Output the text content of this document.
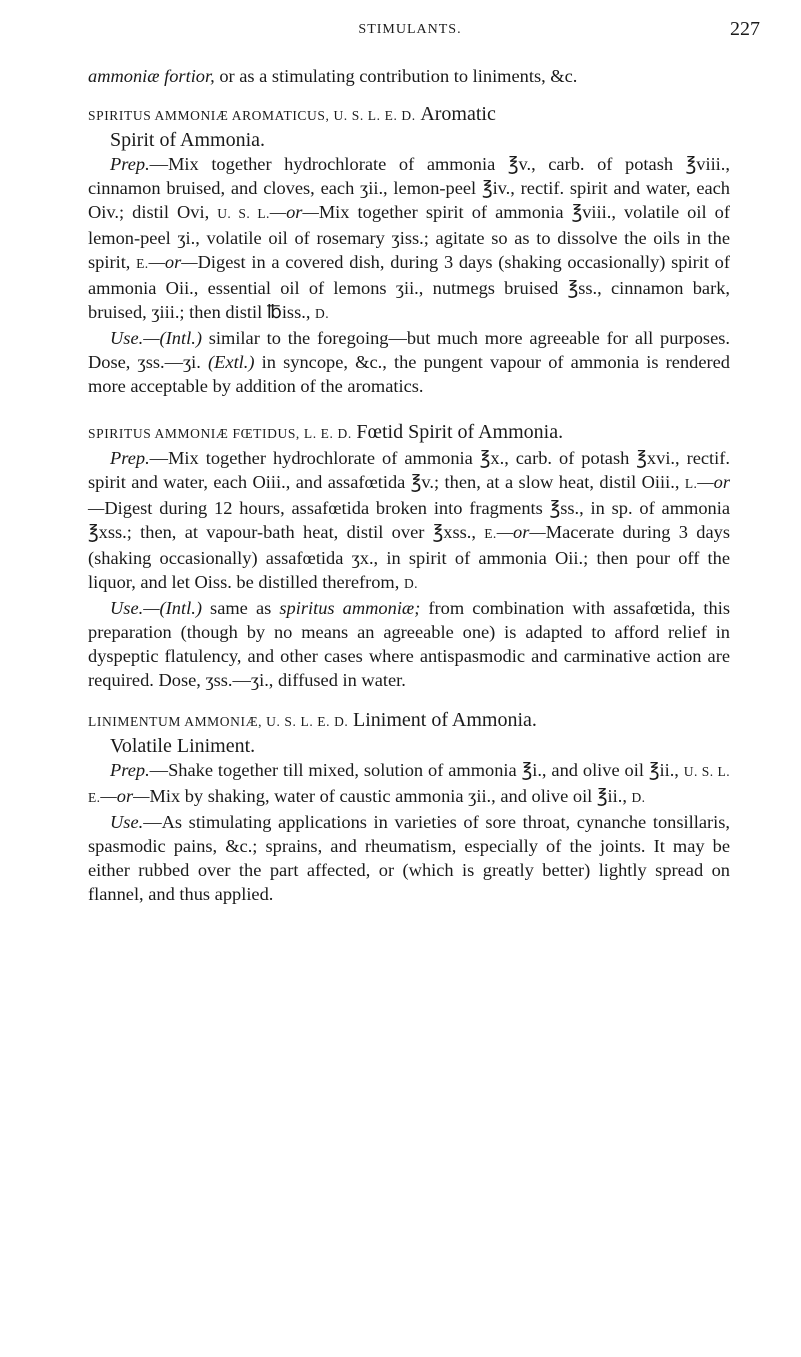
STIMULANTS.	227

ammoniæ fortior, or as a stimulating contribution to liniments, &c.

SPIRITUS AMMONIÆ AROMATICUS, U. S. L. E. D. Aromatic
Spirit of Ammonia.

Prep.—Mix together hydrochlorate of ammonia ℥v., carb. of potash ℥viii., cinnamon bruised, and cloves, each ʒii., lemon-peel ℥iv., rectif. spirit and water, each Oiv.; distil Ovi, U. S. L.—or—Mix together spirit of ammonia ℥viii., volatile oil of lemon-peel ʒi., volatile oil of rosemary ʒiss.; agitate so as to dissolve the oils in the spirit, E.—or—Digest in a covered dish, during 3 days (shaking occasionally) spirit of ammonia Oii., essential oil of lemons ʒii., nutmegs bruised ℥ss., cinnamon bark, bruised, ʒiii.; then distil ℔iss., D.

Use.—(Intl.) similar to the foregoing—but much more agreeable for all purposes. Dose, ʒss.—ʒi. (Extl.) in syncope, &c., the pungent vapour of ammonia is rendered more acceptable by addition of the aromatics.

SPIRITUS AMMONIÆ FŒTIDUS, L. E. D. Fœtid Spirit of Ammonia.

Prep.—Mix together hydrochlorate of ammonia ℥x., carb. of potash ℥xvi., rectif. spirit and water, each Oiii., and assafœtida ℥v.; then, at a slow heat, distil Oiii., L.—or—Digest during 12 hours, assafœtida broken into fragments ℥ss., in sp. of ammonia ℥xss.; then, at vapour-bath heat, distil over ℥xss., E.—or—Macerate during 3 days (shaking occasionally) assafœtida ʒx., in spirit of ammonia Oii.; then pour off the liquor, and let Oiss. be distilled therefrom, D.

Use.—(Intl.) same as spiritus ammoniæ; from combination with assafœtida, this preparation (though by no means an agreeable one) is adapted to afford relief in dyspeptic flatulency, and other cases where antispasmodic and carminative action are required. Dose, ʒss.—ʒi., diffused in water.

LINIMENTUM AMMONIÆ, U. S. L. E. D. Liniment of Ammonia.
Volatile Liniment.

Prep.—Shake together till mixed, solution of ammonia ℥i., and olive oil ℥ii., U. S. L. E.—or—Mix by shaking, water of caustic ammonia ʒii., and olive oil ℥ii., D.

Use.—As stimulating applications in varieties of sore throat, cynanche tonsillaris, spasmodic pains, &c.; sprains, and rheumatism, especially of the joints. It may be either rubbed over the part affected, or (which is greatly better) lightly spread on flannel, and thus applied.
